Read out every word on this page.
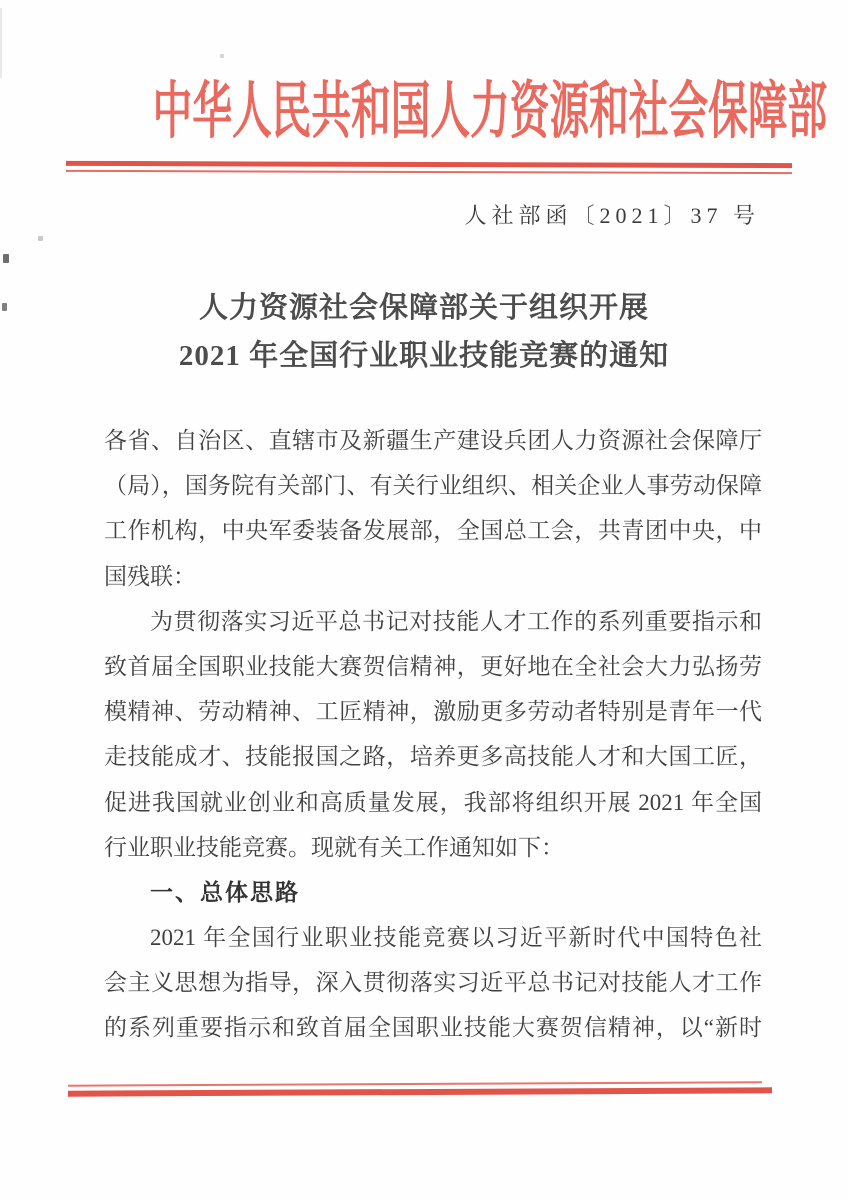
中华人民共和国人力资源和社会保障部
人社部函〔2021〕37 号
人力资源社会保障部关于组织开展
2021 年全国行业职业技能竞赛的通知
各省、自治区、直辖市及新疆生产建设兵团人力资源社会保障厅
（局），国务院有关部门、有关行业组织、相关企业人事劳动保障
工作机构，中央军委装备发展部，全国总工会，共青团中央，中
国残联：
为贯彻落实习近平总书记对技能人才工作的系列重要指示和
致首届全国职业技能大赛贺信精神，更好地在全社会大力弘扬劳
模精神、劳动精神、工匠精神，激励更多劳动者特别是青年一代
走技能成才、技能报国之路，培养更多高技能人才和大国工匠，
促进我国就业创业和高质量发展，我部将组织开展 2021 年全国
行业职业技能竞赛。现就有关工作通知如下：
一、总体思路
2021 年全国行业职业技能竞赛以习近平新时代中国特色社
会主义思想为指导，深入贯彻落实习近平总书记对技能人才工作
的系列重要指示和致首届全国职业技能大赛贺信精神，以“新时
